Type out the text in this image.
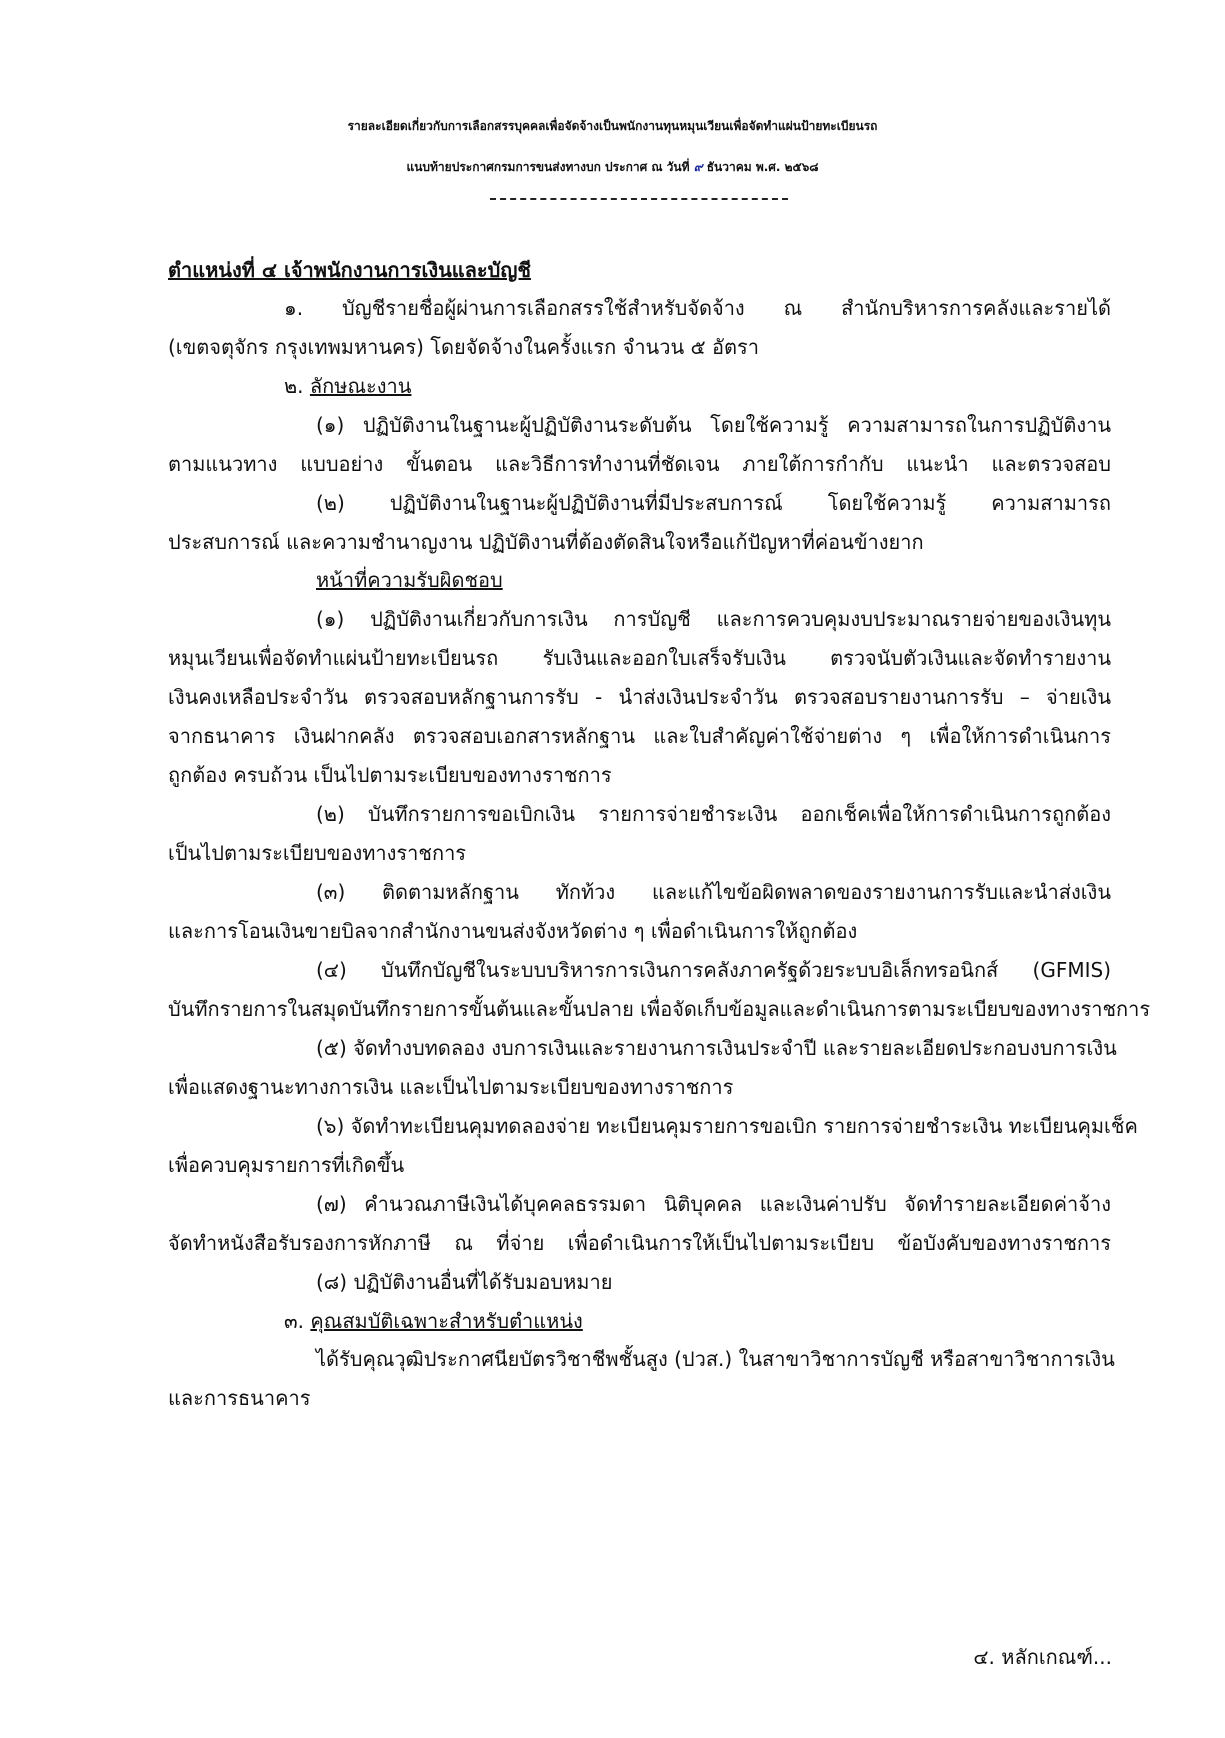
รายละเอียดเกี่ยวกับการเลือกสรรบุคคลเพื่อจัดจ้างเป็นพนักงานทุนหมุนเวียนเพื่อจัดทำแผ่นป้ายทะเบียนรถ
แนบท้ายประกาศกรมการขนส่งทางบก ประกาศ ณ วันที่ ๙ ธันวาคม พ.ศ. ๒๕๖๘
ตำแหน่งที่ ๔ เจ้าพนักงานการเงินและบัญชี
๑. บัญชีรายชื่อผู้ผ่านการเลือกสรรใช้สำหรับจัดจ้าง ณ สำนักบริหารการคลังและรายได้
(เขตจตุจักร กรุงเทพมหานคร) โดยจัดจ้างในครั้งแรก จำนวน ๕ อัตรา
๒. ลักษณะงาน
(๑) ปฏิบัติงานในฐานะผู้ปฏิบัติงานระดับต้น โดยใช้ความรู้ ความสามารถในการปฏิบัติงาน
ตามแนวทาง แบบอย่าง ขั้นตอน และวิธีการทำงานที่ชัดเจน ภายใต้การกำกับ แนะนำ และตรวจสอบ
(๒) ปฏิบัติงานในฐานะผู้ปฏิบัติงานที่มีประสบการณ์ โดยใช้ความรู้ ความสามารถ
ประสบการณ์ และความชำนาญงาน ปฏิบัติงานที่ต้องตัดสินใจหรือแก้ปัญหาที่ค่อนข้างยาก
หน้าที่ความรับผิดชอบ
(๑) ปฏิบัติงานเกี่ยวกับการเงิน การบัญชี และการควบคุมงบประมาณรายจ่ายของเงินทุน
หมุนเวียนเพื่อจัดทำแผ่นป้ายทะเบียนรถ รับเงินและออกใบเสร็จรับเงิน ตรวจนับตัวเงินและจัดทำรายงาน
เงินคงเหลือประจำวัน ตรวจสอบหลักฐานการรับ - นำส่งเงินประจำวัน ตรวจสอบรายงานการรับ – จ่ายเงิน
จากธนาคาร เงินฝากคลัง ตรวจสอบเอกสารหลักฐาน และใบสำคัญค่าใช้จ่ายต่าง ๆ เพื่อให้การดำเนินการ
ถูกต้อง ครบถ้วน เป็นไปตามระเบียบของทางราชการ
(๒) บันทึกรายการขอเบิกเงิน รายการจ่ายชำระเงิน ออกเช็คเพื่อให้การดำเนินการถูกต้อง
เป็นไปตามระเบียบของทางราชการ
(๓) ติดตามหลักฐาน ทักท้วง และแก้ไขข้อผิดพลาดของรายงานการรับและนำส่งเงิน
และการโอนเงินขายบิลจากสำนักงานขนส่งจังหวัดต่าง ๆ เพื่อดำเนินการให้ถูกต้อง
(๔) บันทึกบัญชีในระบบบริหารการเงินการคลังภาครัฐด้วยระบบอิเล็กทรอนิกส์ (GFMIS)
บันทึกรายการในสมุดบันทึกรายการขั้นต้นและขั้นปลาย เพื่อจัดเก็บข้อมูลและดำเนินการตามระเบียบของทางราชการ
(๕) จัดทำงบทดลอง งบการเงินและรายงานการเงินประจำปี และรายละเอียดประกอบงบการเงิน
เพื่อแสดงฐานะทางการเงิน และเป็นไปตามระเบียบของทางราชการ
(๖) จัดทำทะเบียนคุมทดลองจ่าย ทะเบียนคุมรายการขอเบิก รายการจ่ายชำระเงิน ทะเบียนคุมเช็ค
เพื่อควบคุมรายการที่เกิดขึ้น
(๗) คำนวณภาษีเงินได้บุคคลธรรมดา นิติบุคคล และเงินค่าปรับ จัดทำรายละเอียดค่าจ้าง
จัดทำหนังสือรับรองการหักภาษี ณ ที่จ่าย เพื่อดำเนินการให้เป็นไปตามระเบียบ ข้อบังคับของทางราชการ
(๘) ปฏิบัติงานอื่นที่ได้รับมอบหมาย
๓. คุณสมบัติเฉพาะสำหรับตำแหน่ง
ได้รับคุณวุฒิประกาศนียบัตรวิชาชีพชั้นสูง (ปวส.) ในสาขาวิชาการบัญชี หรือสาขาวิชาการเงิน
และการธนาคาร
๔. หลักเกณฑ์...
